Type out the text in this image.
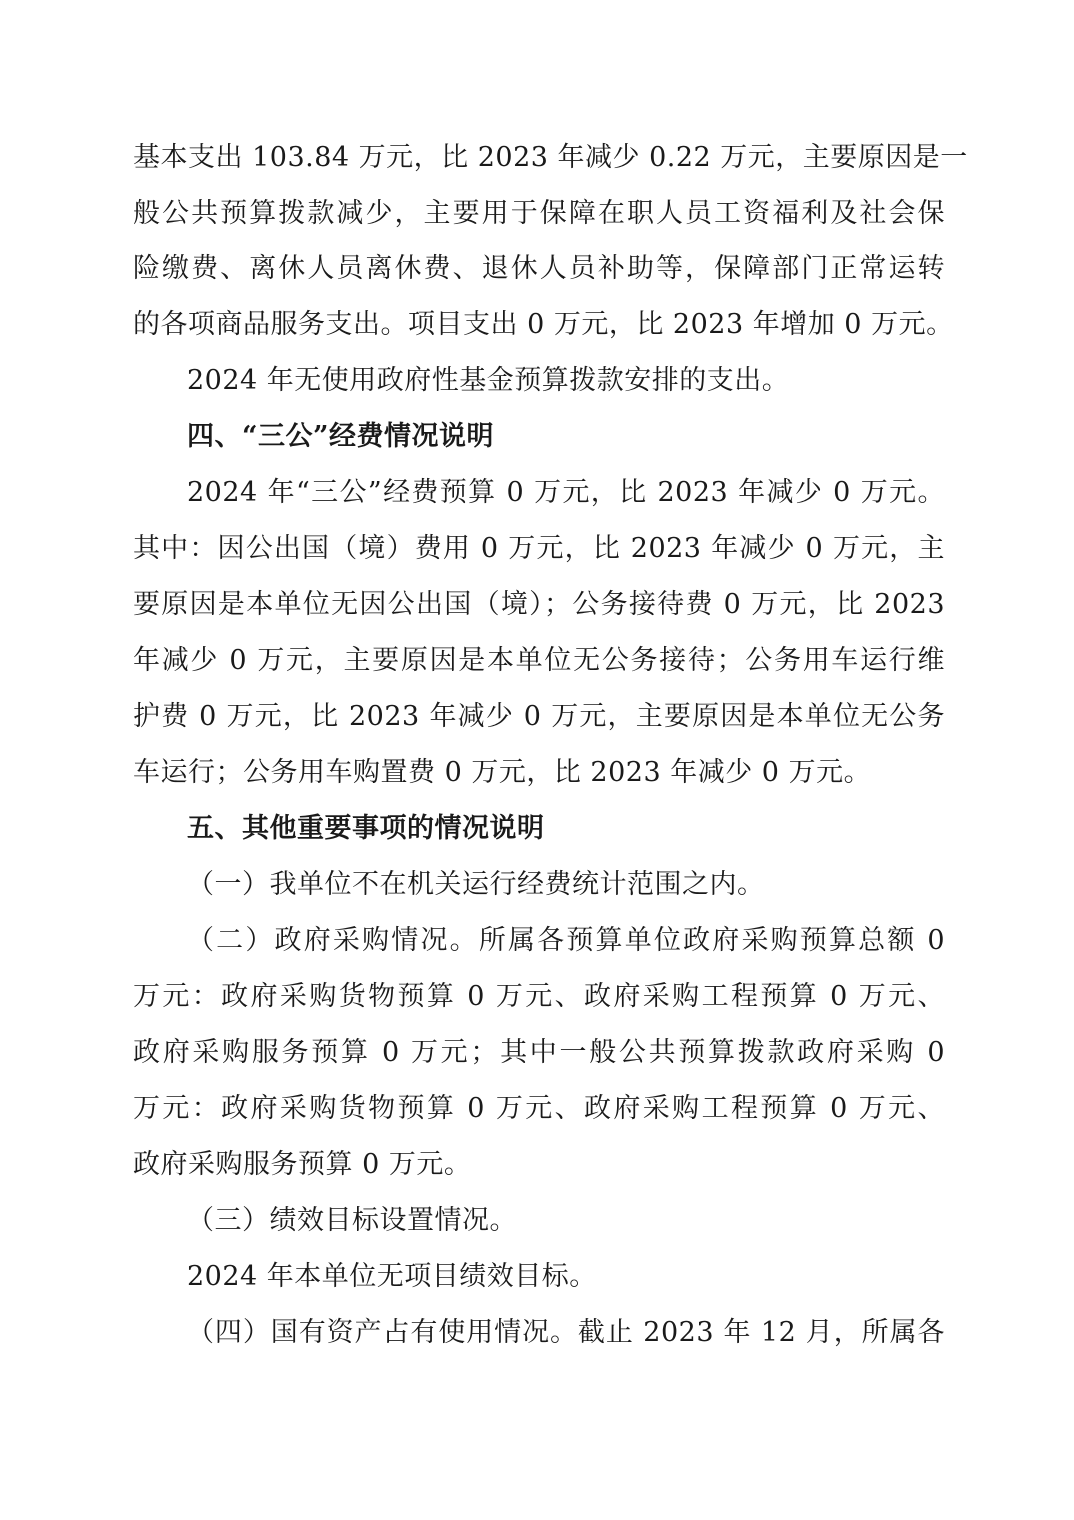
基本支出 103.84 万元，比 2023 年减少 0.22 万元，主要原因是一
般公共预算拨款减少，主要用于保障在职人员工资福利及社会保
险缴费、离休人员离休费、退休人员补助等，保障部门正常运转
的各项商品服务支出。项目支出 0 万元，比 2023 年增加 0 万元。
2024 年无使用政府性基金预算拨款安排的支出。
四、“三公”经费情况说明
2024 年“三公”经费预算 0 万元，比 2023 年减少 0 万元。
其中：因公出国（境）费用 0 万元，比 2023 年减少 0 万元，主
要原因是本单位无因公出国（境）；公务接待费 0 万元，比 2023
年减少 0 万元，主要原因是本单位无公务接待；公务用车运行维
护费 0 万元，比 2023 年减少 0 万元，主要原因是本单位无公务
车运行；公务用车购置费 0 万元，比 2023 年减少 0 万元。
五、其他重要事项的情况说明
（一）我单位不在机关运行经费统计范围之内。
（二）政府采购情况。所属各预算单位政府采购预算总额 0
万元：政府采购货物预算 0 万元、政府采购工程预算 0 万元、
政府采购服务预算 0 万元；其中一般公共预算拨款政府采购 0
万元：政府采购货物预算 0 万元、政府采购工程预算 0 万元、
政府采购服务预算 0 万元。
（三）绩效目标设置情况。
2024 年本单位无项目绩效目标。
（四）国有资产占有使用情况。截止 2023 年 12 月，所属各
